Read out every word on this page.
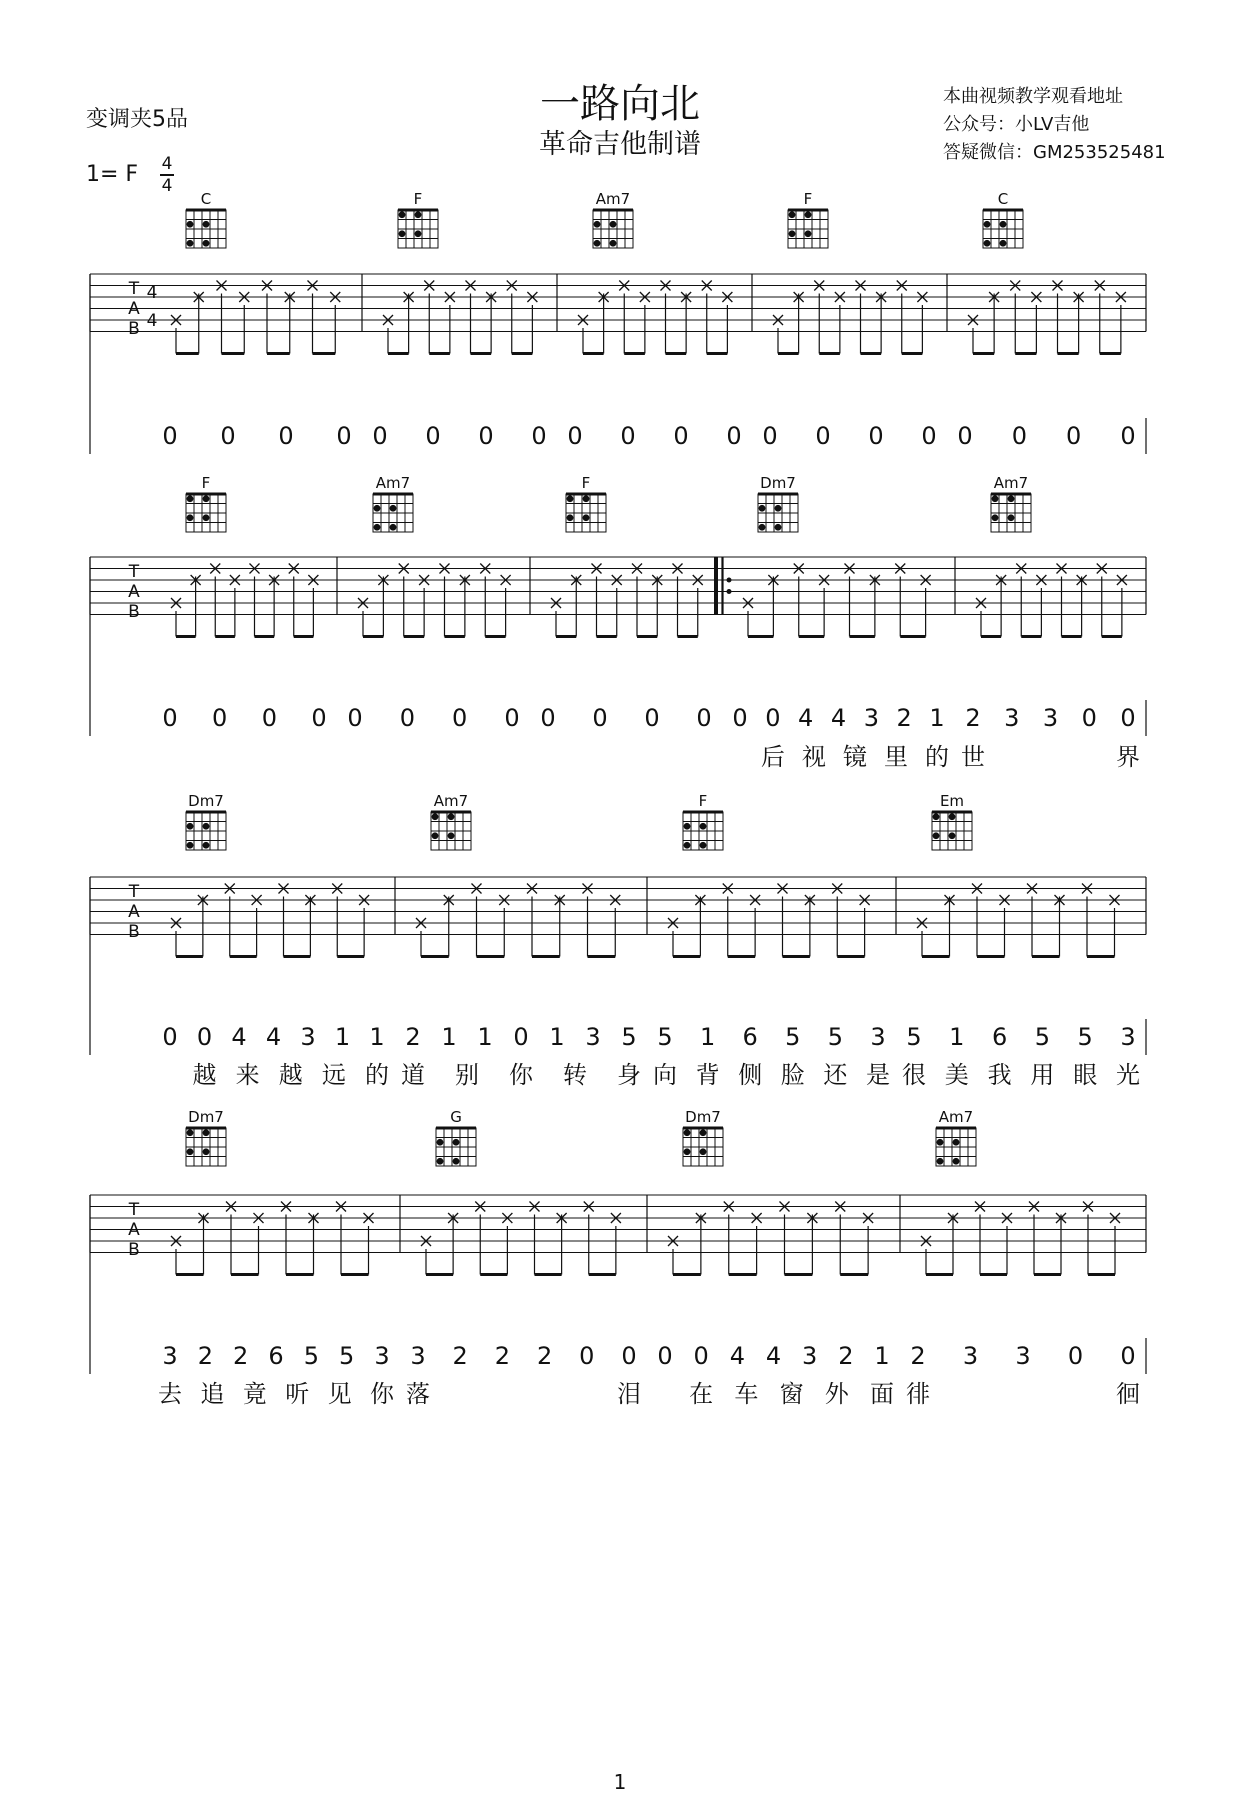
变调夹5品	一路向北
革命吉他制谱
本曲视频教学观看地址
公众号：小LV吉他
答疑微信：GM253525481
1= F 4
4
T
A
B
4
4
0 0 0 0 0 0 0 0 0 0 0 0 0 0 0 0 0 0 0 0
C	F	Am7	F	C
T
A
B
0 0 0 0 0 0 0 0 0 0 0 0 0 0 4 4 3 2 1
后 视 镜 里 的
2 3 3 0 0
世	界
F	Am7	F	Dm7	Am7
T
A
B
0 0 4 4 3 1 1
越 来 越 远 的
2 1 1 0 1 3 5
道 别 你 转 身
5 1 6 5 5 3
向 背 侧 脸 还 是
5 1 6 5 5 3
很 美 我 用 眼 光
Dm7	Am7	F	Em
T
A
B
3 2 2 6 5 5 3
去 追 竟 听 见 你
3 2 2 2 0 0
落	泪
0 0 4 4 3 2 1
在 车 窗 外 面
2 3 3 0 0
徘	徊
Dm7	G	Dm7	Am7
1
